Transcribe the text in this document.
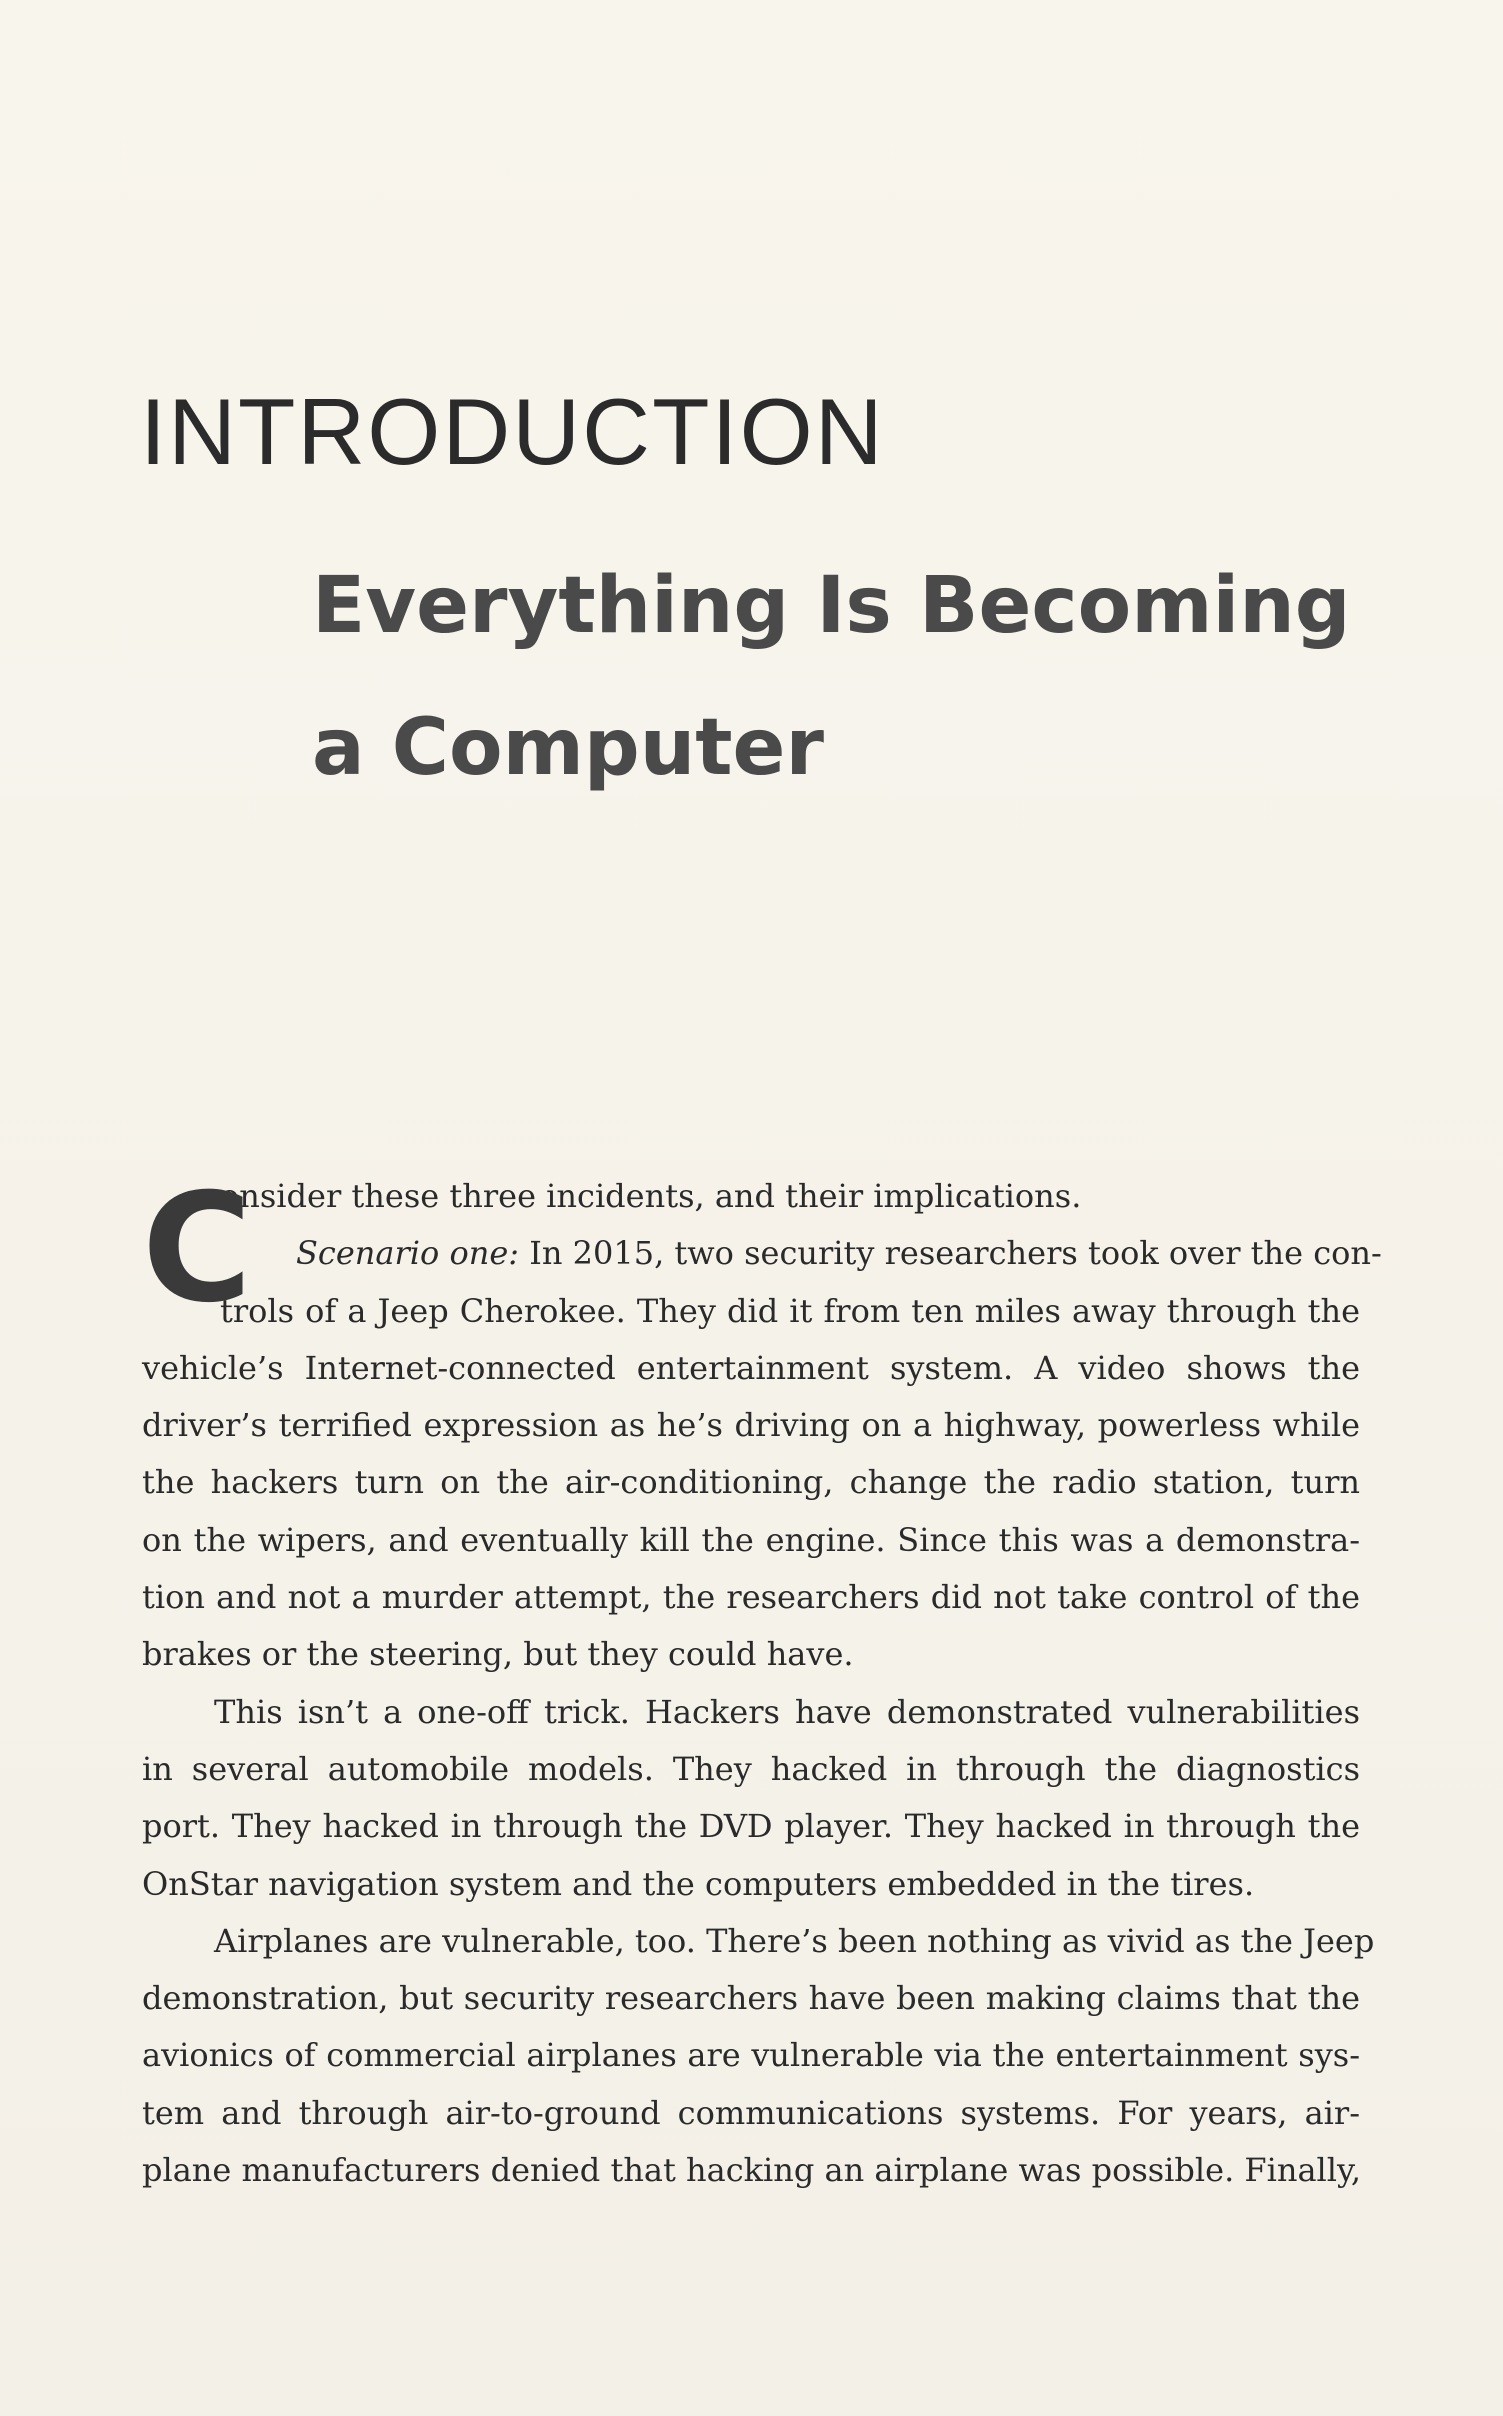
INTRODUCTION
Everything Is Becoming
a Computer
C
onsider these three incidents, and their implications.
Scenario one: In 2015, two security researchers took over the con-
trols of a Jeep Cherokee. They did it from ten miles away through the
vehicle’s Internet-connected entertainment system. A video shows the
driver’s terrified expression as he’s driving on a highway, powerless while
the hackers turn on the air-conditioning, change the radio station, turn
on the wipers, and eventually kill the engine. Since this was a demonstra-
tion and not a murder attempt, the researchers did not take control of the
brakes or the steering, but they could have.
This isn’t a one-off trick. Hackers have demonstrated vulnerabilities
in several automobile models. They hacked in through the diagnostics
port. They hacked in through the DVD player. They hacked in through the
OnStar navigation system and the computers embedded in the tires.
Airplanes are vulnerable, too. There’s been nothing as vivid as the Jeep
demonstration, but security researchers have been making claims that the
avionics of commercial airplanes are vulnerable via the entertainment sys-
tem and through air-to-ground communications systems. For years, air-
plane manufacturers denied that hacking an airplane was possible. Finally,
